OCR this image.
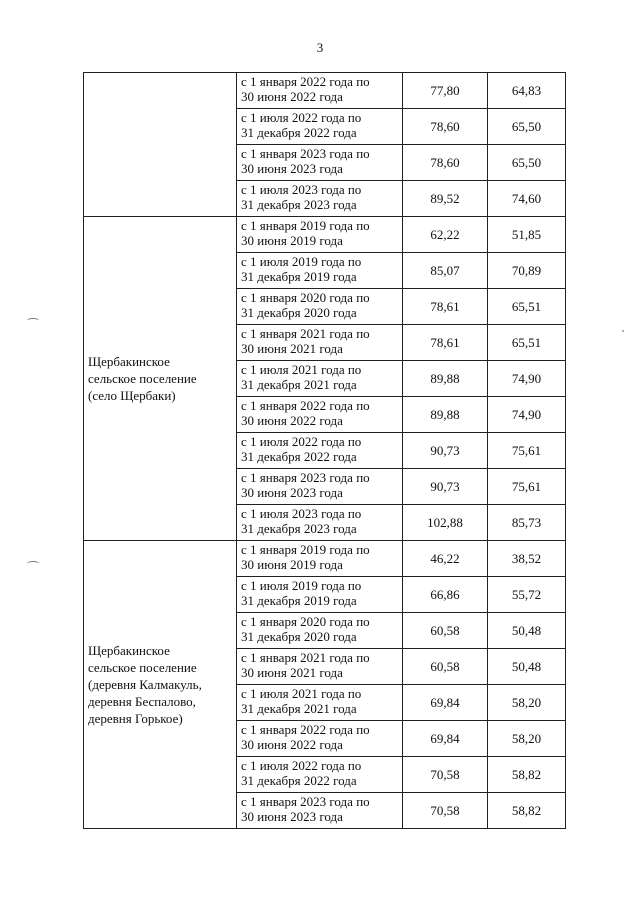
3

	с 1 января 2022 года по
30 июня 2022 года	77,80	64,83

	с 1 июля 2022 года по
31 декабря 2022 года	78,60	65,50

	с 1 января 2023 года по
30 июня 2023 года	78,60	65,50

	с 1 июля 2023 года по
31 декабря 2023 года	89,52	74,60

Щербакинское
сельское поселение
(село Щербаки)	с 1 января 2019 года по
30 июня 2019 года	62,22	51,85

	с 1 июля 2019 года по
31 декабря 2019 года	85,07	70,89

	с 1 января 2020 года по
31 декабря 2020 года	78,61	65,51

	с 1 января 2021 года по
30 июня 2021 года	78,61	65,51

	с 1 июля 2021 года по
31 декабря 2021 года	89,88	74,90

	с 1 января 2022 года по
30 июня 2022 года	89,88	74,90

	с 1 июля 2022 года по
31 декабря 2022 года	90,73	75,61

	с 1 января 2023 года по
30 июня 2023 года	90,73	75,61

	с 1 июля 2023 года по
31 декабря 2023 года	102,88	85,73

Щербакинское
сельское поселение
(деревня Калмакуль,
деревня Беспалово,
деревня Горькое)	с 1 января 2019 года по
30 июня 2019 года	46,22	38,52

	с 1 июля 2019 года по
31 декабря 2019 года	66,86	55,72

	с 1 января 2020 года по
31 декабря 2020 года	60,58	50,48

	с 1 января 2021 года по
30 июня 2021 года	60,58	50,48

	с 1 июля 2021 года по
31 декабря 2021 года	69,84	58,20

	с 1 января 2022 года по
30 июня 2022 года	69,84	58,20

	с 1 июля 2022 года по
31 декабря 2022 года	70,58	58,82

	с 1 января 2023 года по
30 июня 2023 года	70,58	58,82
